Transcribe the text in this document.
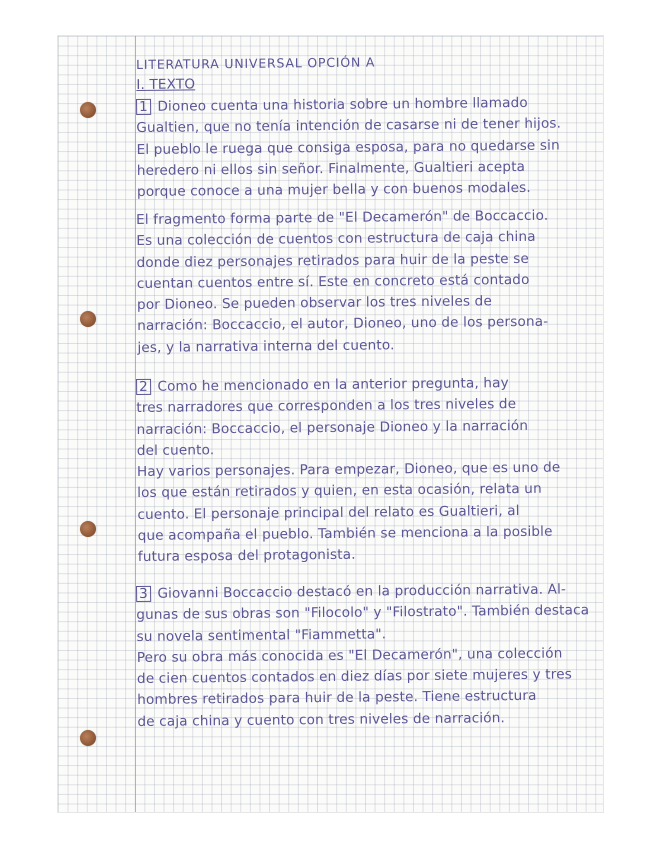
LITERATURA UNIVERSAL OPCIÓN A

I. TEXTO

1 Dioneo cuenta una historia sobre un hombre llamado

Gualtien, que no tenía intención de casarse ni de tener hijos.

El pueblo le ruega que consiga esposa, para no quedarse sin

heredero ni ellos sin señor. Finalmente, Gualtieri acepta

porque conoce a una mujer bella y con buenos modales.

El fragmento forma parte de "El Decamerón" de Boccaccio.

Es una colección de cuentos con estructura de caja china

donde diez personajes retirados para huir de la peste se

cuentan cuentos entre sí. Este en concreto está contado

por Dioneo. Se pueden observar los tres niveles de

narración: Boccaccio, el autor, Dioneo, uno de los persona-

jes, y la narrativa interna del cuento.

2 Como he mencionado en la anterior pregunta, hay

tres narradores que corresponden a los tres niveles de

narración: Boccaccio, el personaje Dioneo y la narración

del cuento.

Hay varios personajes. Para empezar, Dioneo, que es uno de

los que están retirados y quien, en esta ocasión, relata un

cuento. El personaje principal del relato es Gualtieri, al

que acompaña el pueblo. También se menciona a la posible

futura esposa del protagonista.

3 Giovanni Boccaccio destacó en la producción narrativa. Al-

gunas de sus obras son "Filocolo" y "Filostrato". También destaca

su novela sentimental "Fiammetta".

Pero su obra más conocida es "El Decamerón", una colección

de cien cuentos contados en diez días por siete mujeres y tres

hombres retirados para huir de la peste. Tiene estructura

de caja china y cuento con tres niveles de narración.
